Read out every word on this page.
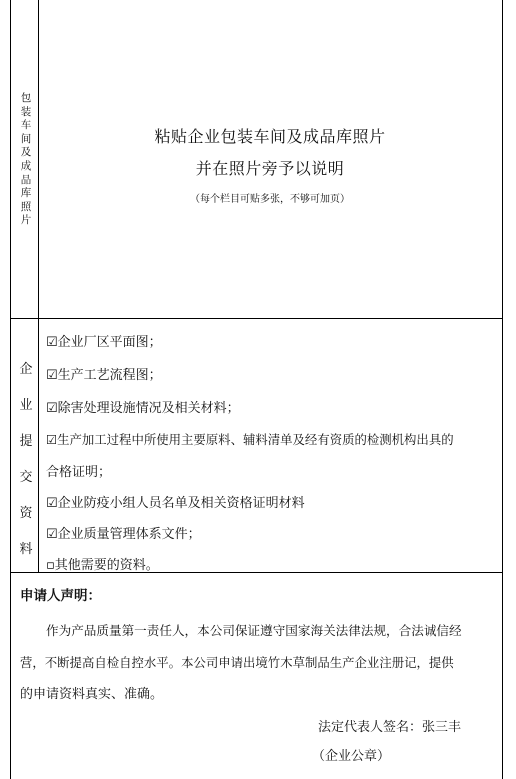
包
装
车
间
及
成
品
库
照
片
粘贴企业包装车间及成品库照片
并在照片旁予以说明
（每个栏目可贴多张，不够可加页）
企
业
提
交
资
料
☑企业厂区平面图；
☑生产工艺流程图；
☑除害处理设施情况及相关材料；
☑生产加工过程中所使用主要原料、辅料清单及经有资质的检测机构出具的
合格证明；
☑企业防疫小组人员名单及相关资格证明材料
☑企业质量管理体系文件；
▫其他需要的资料。
申请人声明：
作为产品质量第一责任人，本公司保证遵守国家海关法律法规，合法诚信经
营，不断提高自检自控水平。本公司申请出境竹木草制品生产企业注册记，提供
的申请资料真实、准确。
法定代表人签名：张三丰
（企业公章）
